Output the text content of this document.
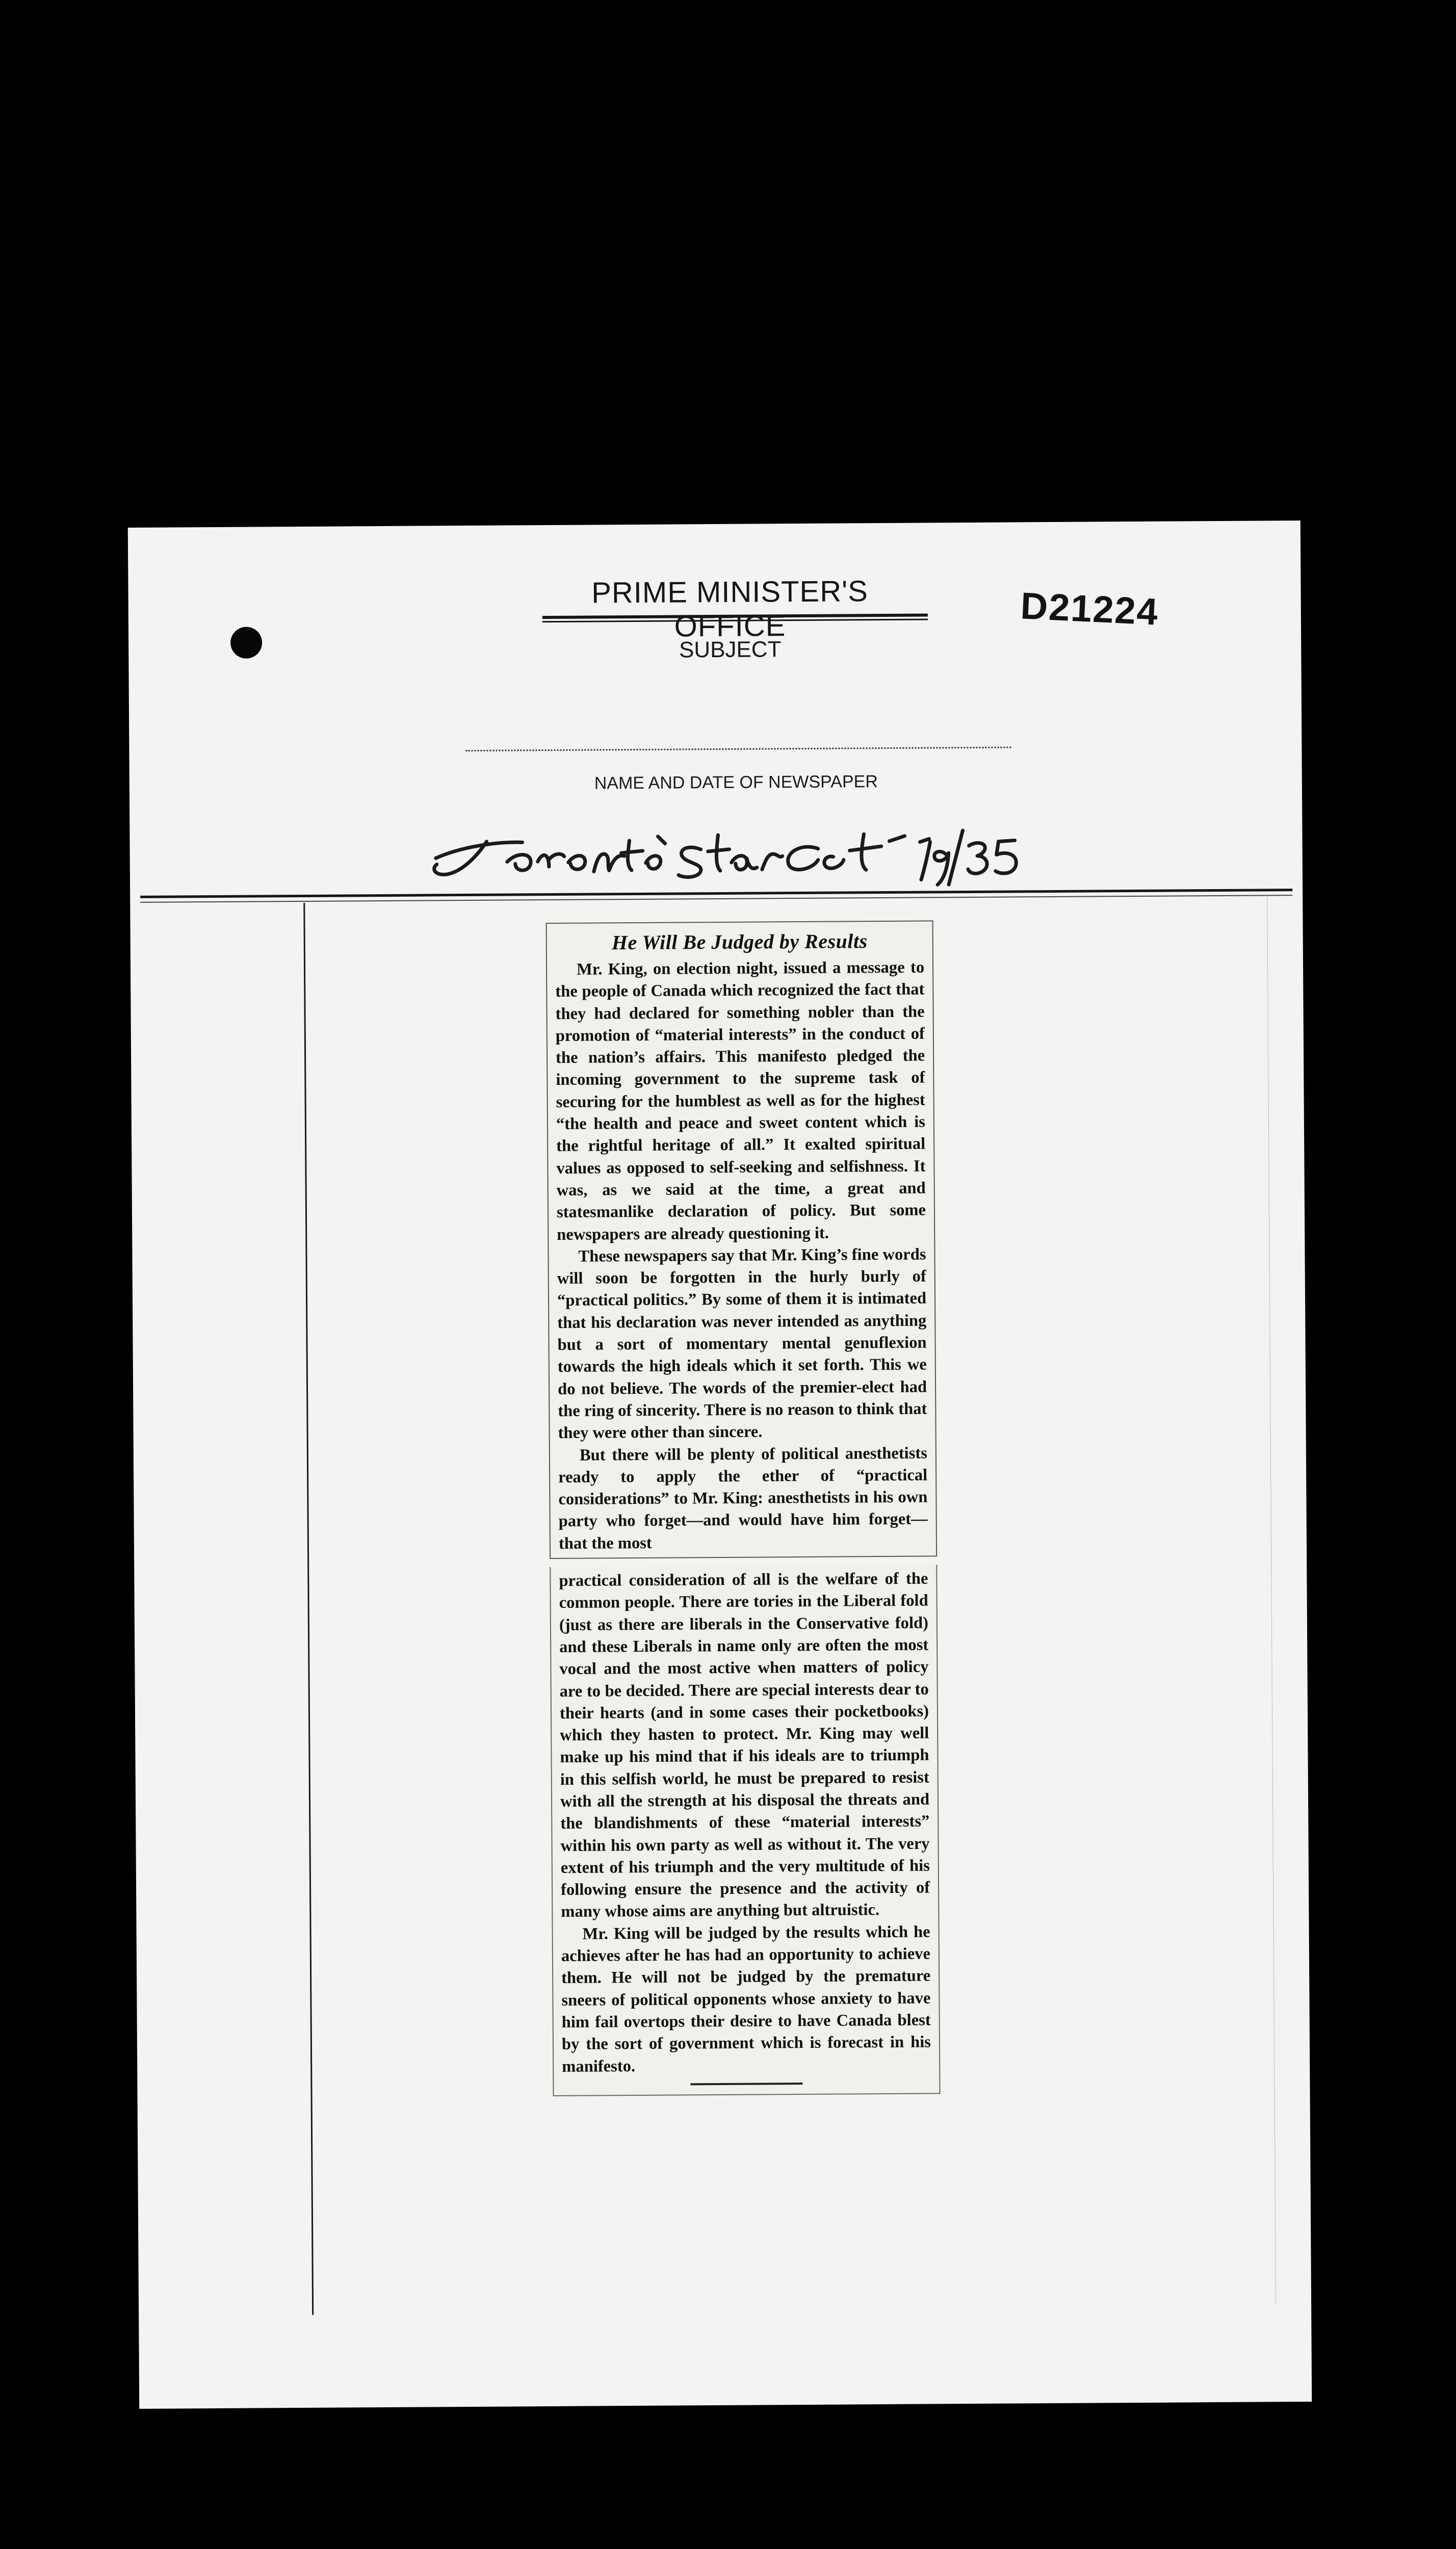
PRIME MINISTER'S OFFICE	D21224
SUBJECT
NAME AND DATE OF NEWSPAPER
He Will Be Judged by Results

Mr. King, on election night, issued a message to the people of Canada which recognized the fact that they had declared for something nobler than the promotion of “material interests” in the conduct of the nation’s affairs. This manifesto pledged the incoming government to the supreme task of securing for the humblest as well as for the highest “the health and peace and sweet content which is the rightful heritage of all.” It exalted spiritual values as opposed to self-seeking and selfishness. It was, as we said at the time, a great and statesmanlike declaration of policy. But some newspapers are already questioning it.

These newspapers say that Mr. King’s fine words will soon be forgotten in the hurly burly of “practical politics.” By some of them it is intimated that his declaration was never intended as anything but a sort of momentary mental genuflexion towards the high ideals which it set forth. This we do not believe. The words of the premier-elect had the ring of sincerity. There is no reason to think that they were other than sincere.

But there will be plenty of political anesthetists ready to apply the ether of “practical considerations” to Mr. King: anesthetists in his own party who forget—and would have him forget—that the most

practical consideration of all is the welfare of the common people. There are tories in the Liberal fold (just as there are liberals in the Conservative fold) and these Liberals in name only are often the most vocal and the most active when matters of policy are to be decided. There are special interests dear to their hearts (and in some cases their pocketbooks) which they hasten to protect. Mr. King may well make up his mind that if his ideals are to triumph in this selfish world, he must be prepared to resist with all the strength at his disposal the threats and the blandishments of these “material interests” within his own party as well as without it. The very extent of his triumph and the very multitude of his following ensure the presence and the activity of many whose aims are anything but altruistic.

Mr. King will be judged by the results which he achieves after he has had an opportunity to achieve them. He will not be judged by the premature sneers of political opponents whose anxiety to have him fail overtops their desire to have Canada blest by the sort of government which is forecast in his manifesto.
